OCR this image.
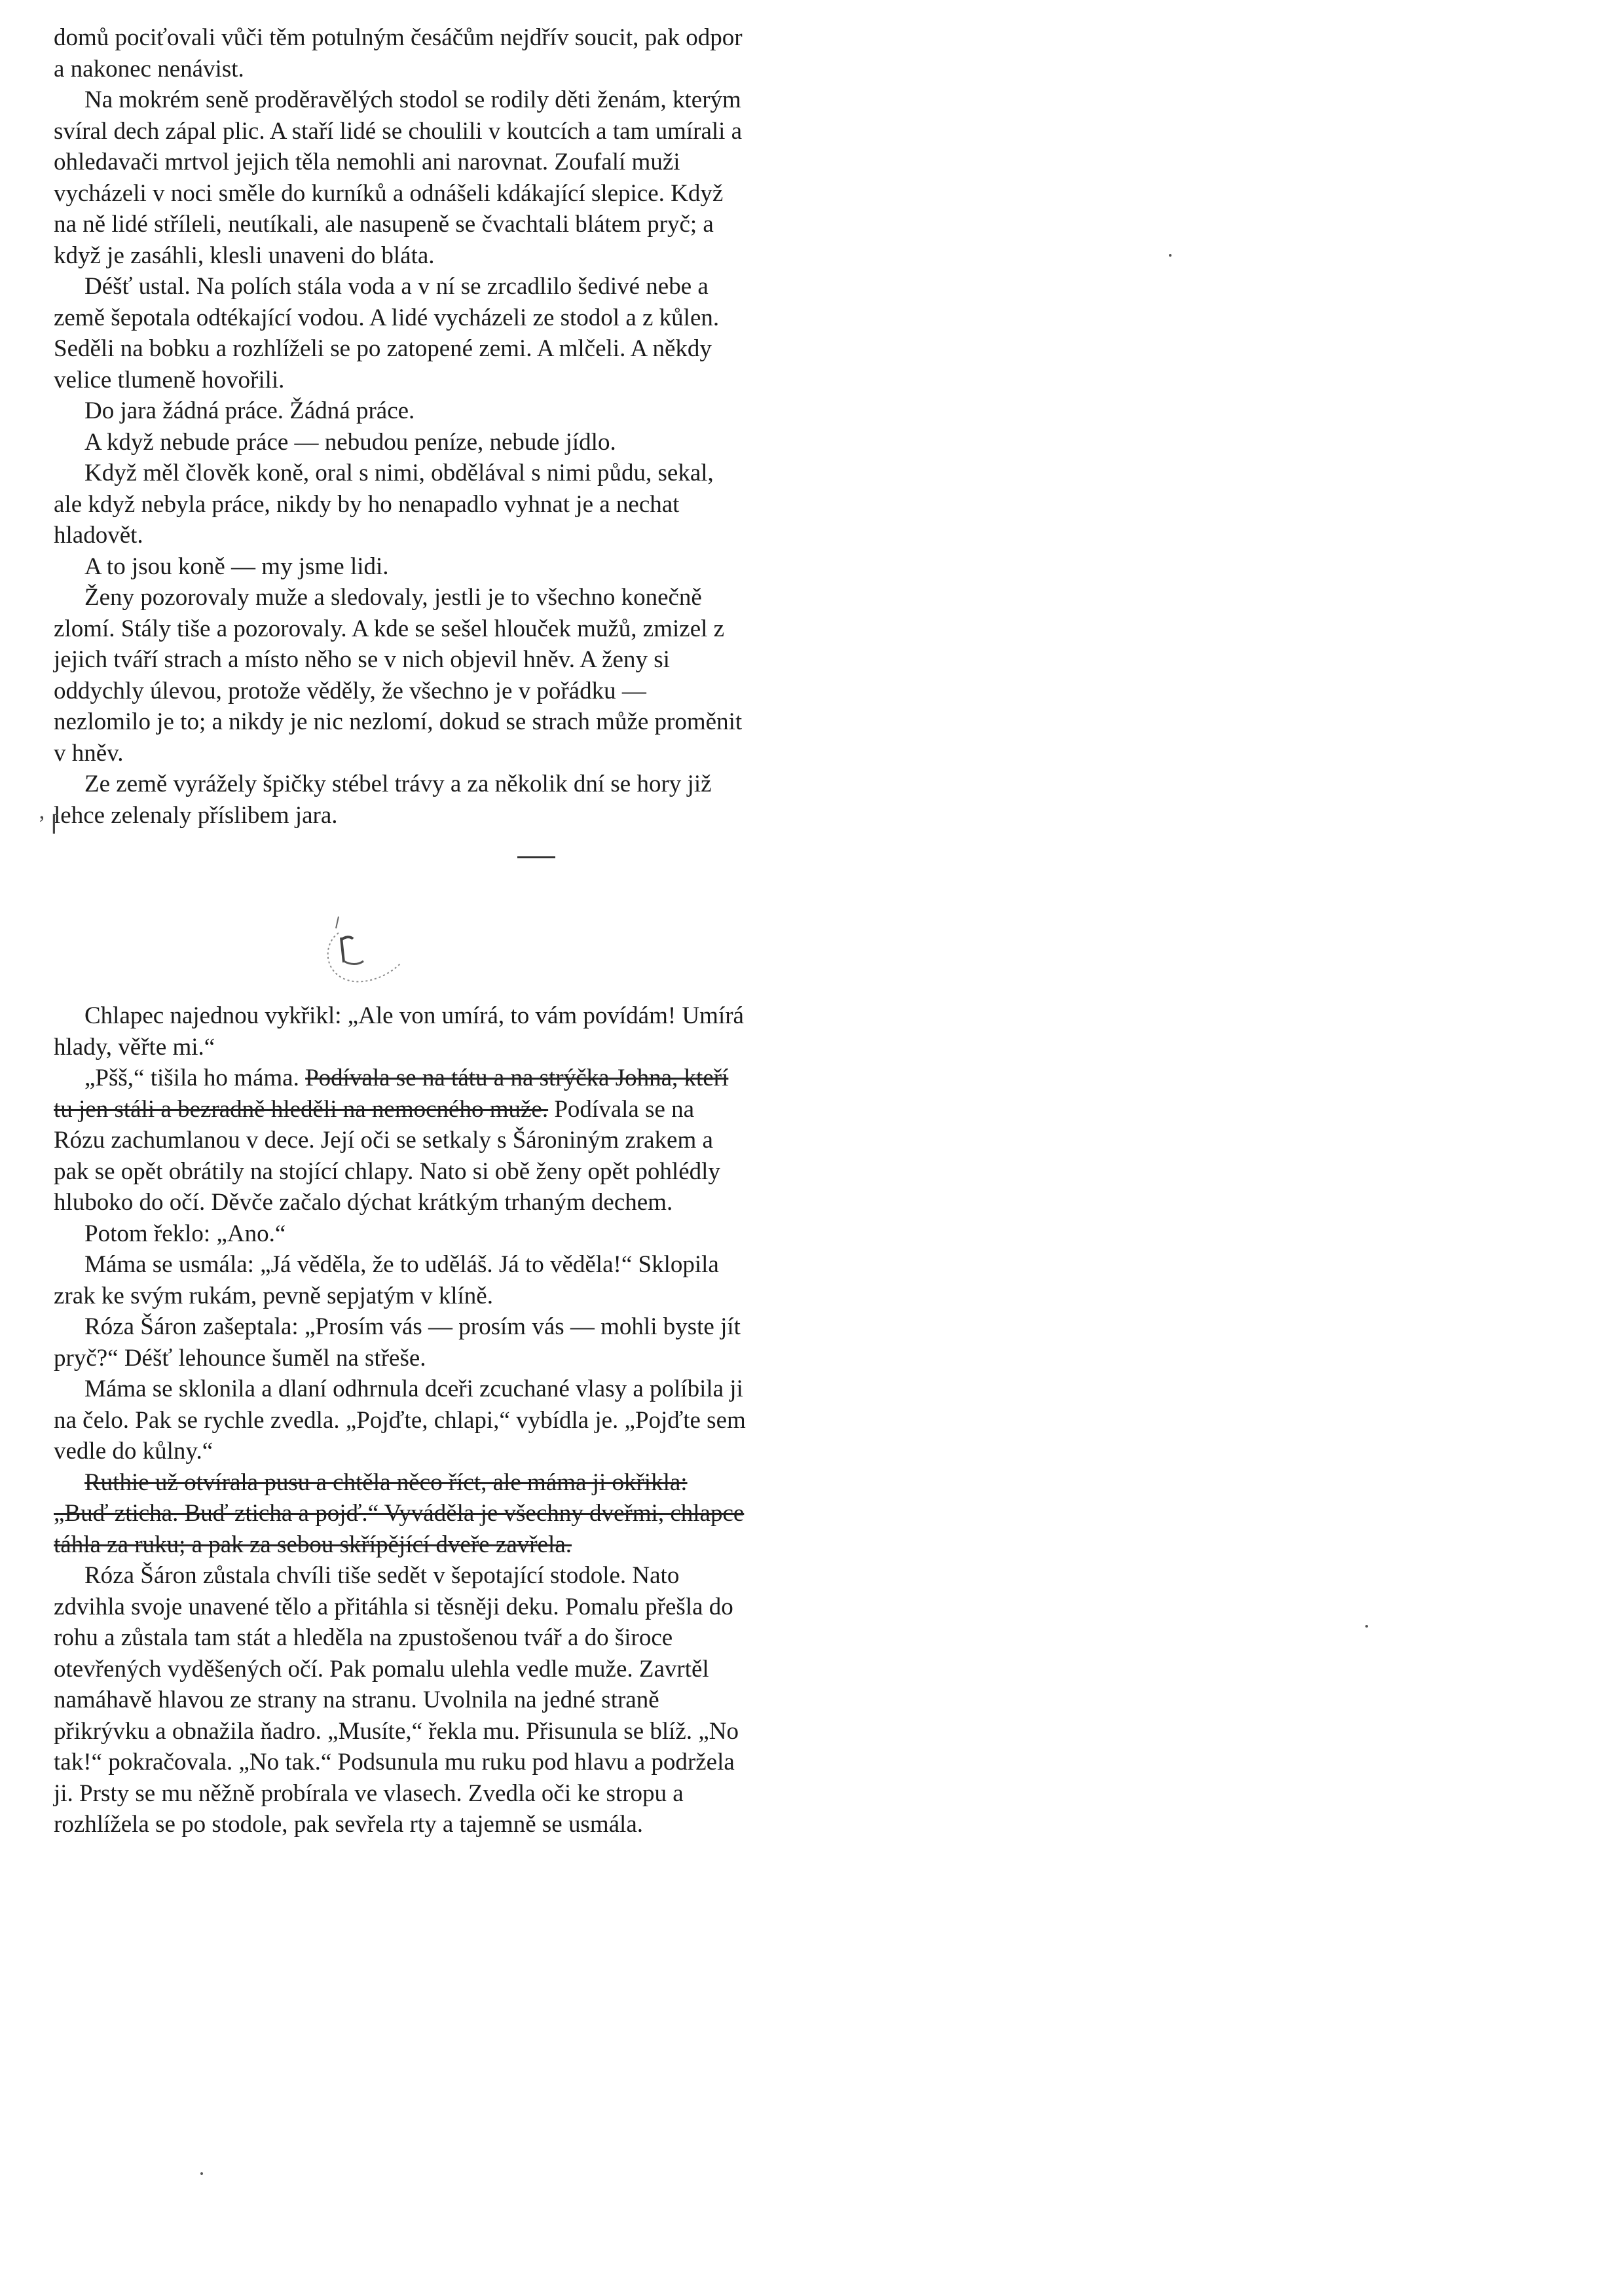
domů pociťovali vůči těm potulným česáčům nejdřív soucit, pak odpor a nakonec nenávist.

Na mokrém seně proděravělých stodol se rodily děti ženám, kterým svíral dech zápal plic. A staří lidé se choulili v koutcích a tam umírali a ohledavači mrtvol jejich těla nemohli ani narovnat. Zoufalí muži vycházeli v noci směle do kurníků a odnášeli kdákající slepice. Když na ně lidé stříleli, neutíkali, ale nasupeně se čvachtali blátem pryč; a když je zasáhli, klesli unaveni do bláta.

Déšť ustal. Na polích stála voda a v ní se zrcadlilo šedivé nebe a země šepotala odtékající vodou. A lidé vycházeli ze stodol a z kůlen. Seděli na bobku a rozhlíželi se po zatopené zemi. A mlčeli. A někdy velice tlumeně hovořili.

Do jara žádná práce. Žádná práce.

A když nebude práce — nebudou peníze, nebude jídlo.

Když měl člověk koně, oral s nimi, obdělával s nimi půdu, sekal, ale když nebyla práce, nikdy by ho nenapadlo vyhnat je a nechat hladovět.

A to jsou koně — my jsme lidi.

Ženy pozorovaly muže a sledovaly, jestli je to všechno konečně zlomí. Stály tiše a pozorovaly. A kde se sešel hlouček mužů, zmizel z jejich tváří strach a místo něho se v nich objevil hněv. A ženy si oddychly úlevou, protože věděly, že všechno je v pořádku — nezlomilo je to; a nikdy je nic nezlomí, dokud se strach může proměnit v hněv.

Ze země vyrážely špičky stébel trávy a za několik dní se hory již lehce zelenaly příslibem jara.

ʼ ⌈

Chlapec najednou vykřikl: „Ale von umírá, to vám povídám! Umírá hlady, věřte mi.“

„Pšš,“ tišila ho máma. Podívala se na tátu a na strýčka Johna, kteří tu jen stáli a bezradně hleděli na nemocného muže. Podívala se na Rózu zachumlanou v dece. Její oči se setkaly s Šároniným zrakem a pak se opět obrátily na stojící chlapy. Nato si obě ženy opět pohlédly hluboko do očí. Děvče začalo dýchat krátkým trhaným dechem.

Potom řeklo: „Ano.“

Máma se usmála: „Já věděla, že to uděláš. Já to věděla!“ Sklopila zrak ke svým rukám, pevně sepjatým v klíně.

Róza Šáron zašeptala: „Prosím vás — prosím vás — mohli byste jít pryč?“ Déšť lehounce šuměl na střeše.

Máma se sklonila a dlaní odhrnula dceři zcuchané vlasy a políbila ji na čelo. Pak se rychle zvedla. „Pojďte, chlapi,“ vybídla je. „Pojďte sem vedle do kůlny.“

Ruthie už otvírala pusu a chtěla něco říct, ale máma ji okřikla: „Buď zticha. Buď zticha a pojď.“ Vyváděla je všechny dveřmi, chlapce táhla za ruku; a pak za sebou skřípějící dveře zavřela.

Róza Šáron zůstala chvíli tiše sedět v šepotající stodole. Nato zdvihla svoje unavené tělo a přitáhla si těsněji deku. Pomalu přešla do rohu a zůstala tam stát a hleděla na zpustošenou tvář a do široce otevřených vyděšených očí. Pak pomalu ulehla vedle muže. Zavrtěl namáhavě hlavou ze strany na stranu. Uvolnila na jedné straně přikrývku a obnažila ňadro. „Musíte,“ řekla mu. Přisunula se blíž. „No tak!“ pokračovala. „No tak.“ Podsunula mu ruku pod hlavu a podržela ji. Prsty se mu něžně probírala ve vlasech. Zvedla oči ke stropu a rozhlížela se po stodole, pak sevřela rty a tajemně se usmála.
